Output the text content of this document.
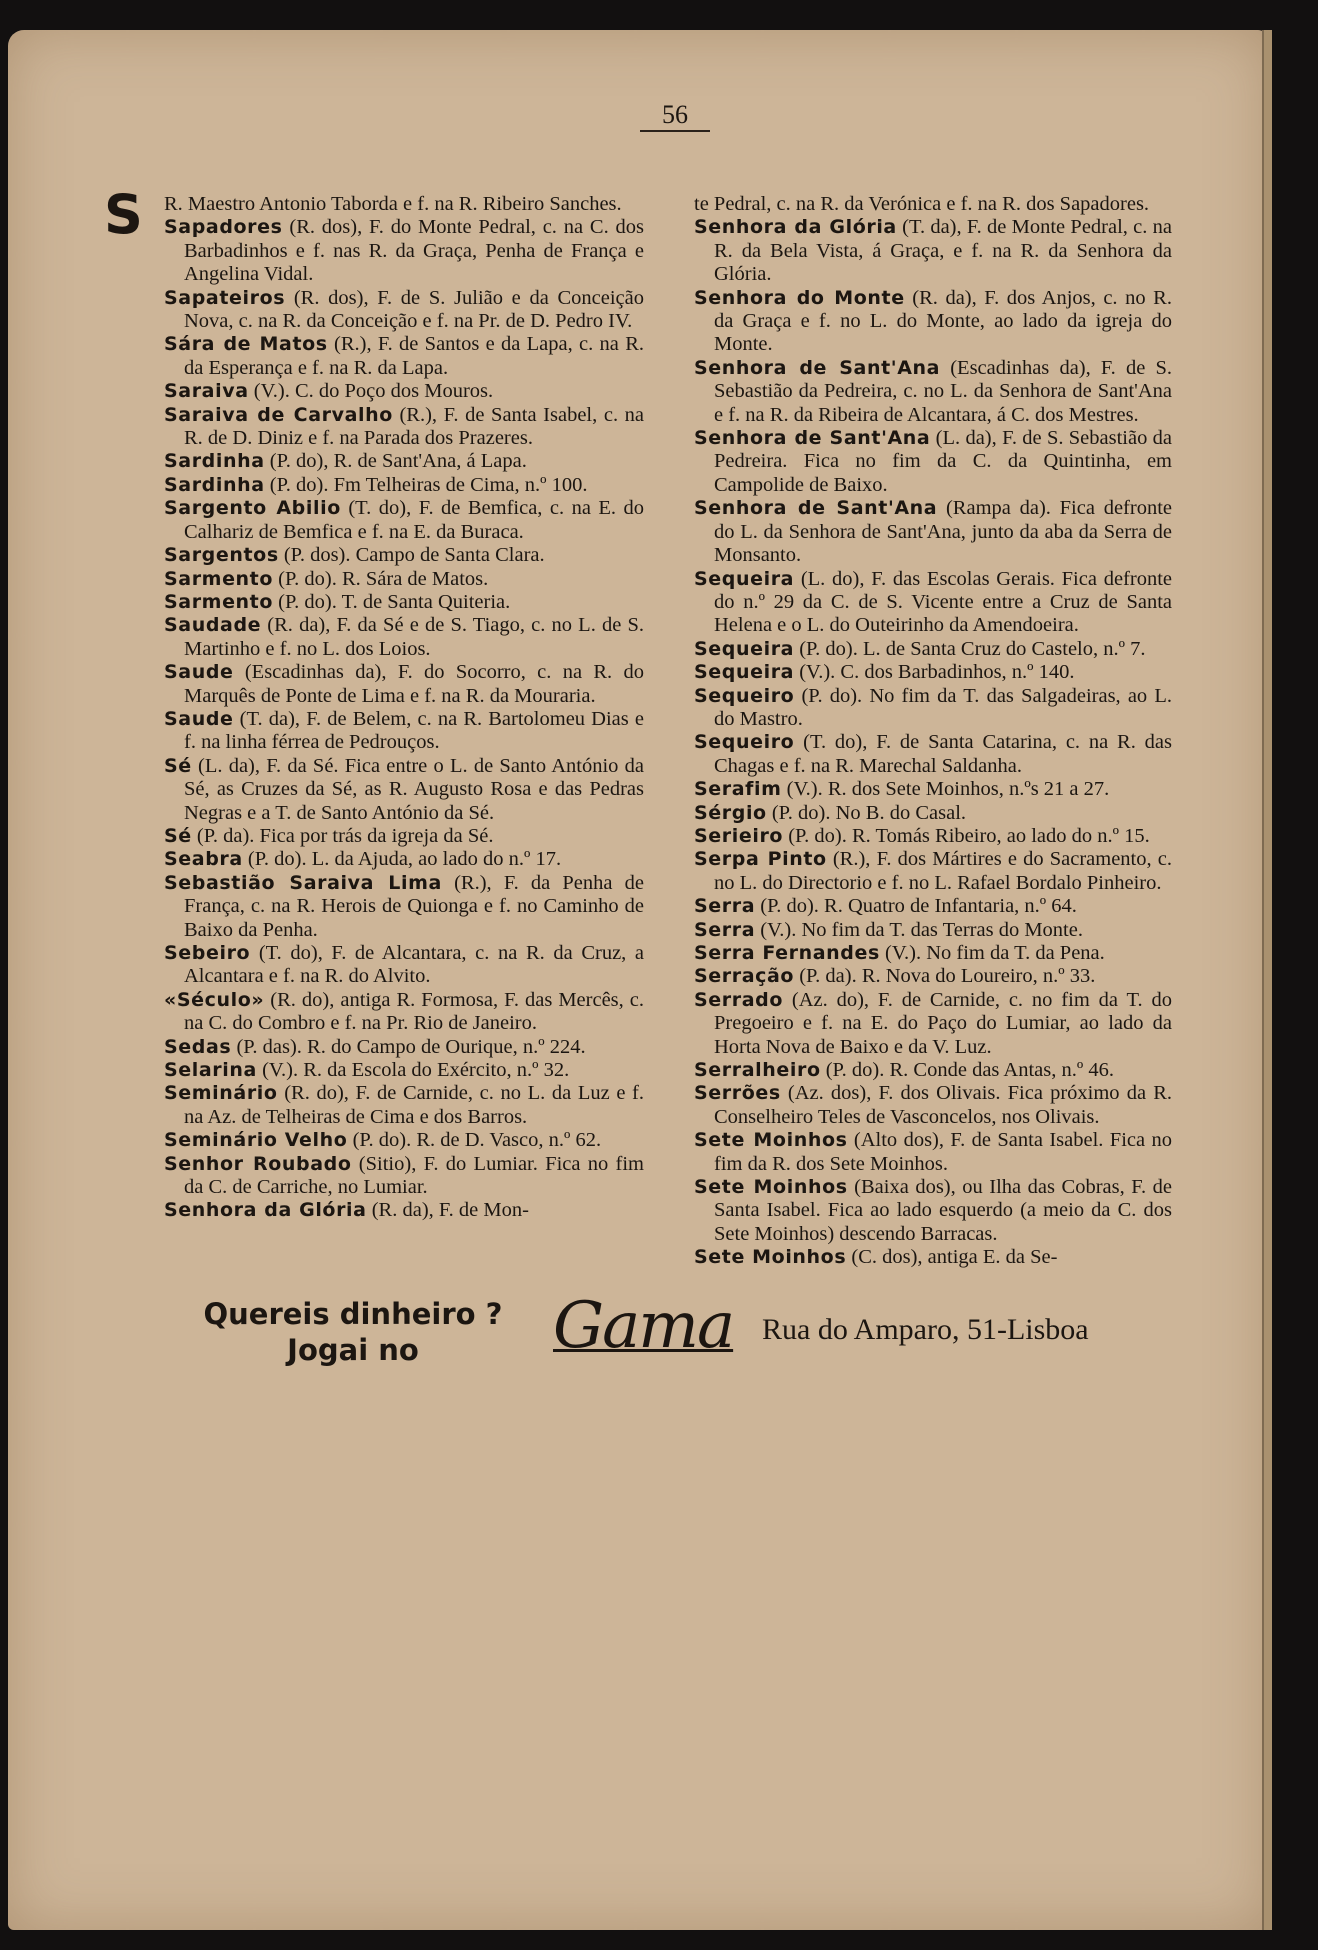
56
S R. Maestro Antonio Taborda e f. na R. Ribeiro Sanches.
Sapadores (R. dos), F. do Monte Pedral, c. na C. dos Barbadinhos e f. nas R. da Graça, Penha de França e Angelina Vidal.
Sapateiros (R. dos), F. de S. Julião e da Conceição Nova, c. na R. da Conceição e f. na Pr. de D. Pedro IV.
Sára de Matos (R.), F. de Santos e da Lapa, c. na R. da Esperança e f. na R. da Lapa.
Saraiva (V.). C. do Poço dos Mouros.
Saraiva de Carvalho (R.), F. de Santa Isabel, c. na R. de D. Diniz e f. na Parada dos Prazeres.
Sardinha (P. do), R. de Sant'Ana, á Lapa.
Sardinha (P. do). Fm Telheiras de Cima, n.º 100.
Sargento Abilio (T. do), F. de Bemfica, c. na E. do Calhariz de Bemfica e f. na E. da Buraca.
Sargentos (P. dos). Campo de Santa Clara.
Sarmento (P. do). R. Sára de Matos.
Sarmento (P. do). T. de Santa Quiteria.
Saudade (R. da), F. da Sé e de S. Tiago, c. no L. de S. Martinho e f. no L. dos Loios.
Saude (Escadinhas da), F. do Socorro, c. na R. do Marquês de Ponte de Lima e f. na R. da Mouraria.
Saude (T. da), F. de Belem, c. na R. Bartolomeu Dias e f. na linha férrea de Pedrouços.
Sé (L. da), F. da Sé. Fica entre o L. de Santo António da Sé, as Cruzes da Sé, as R. Augusto Rosa e das Pedras Negras e a T. de Santo António da Sé.
Sé (P. da). Fica por trás da igreja da Sé.
Seabra (P. do). L. da Ajuda, ao lado do n.º 17.
Sebastião Saraiva Lima (R.), F. da Penha de França, c. na R. Herois de Quionga e f. no Caminho de Baixo da Penha.
Sebeiro (T. do), F. de Alcantara, c. na R. da Cruz, a Alcantara e f. na R. do Alvito.
«Século» (R. do), antiga R. Formosa, F. das Mercês, c. na C. do Combro e f. na Pr. Rio de Janeiro.
Sedas (P. das). R. do Campo de Ourique, n.º 224.
Selarina (V.). R. da Escola do Exército, n.º 32.
Seminário (R. do), F. de Carnide, c. no L. da Luz e f. na Az. de Telheiras de Cima e dos Barros.
Seminário Velho (P. do). R. de D. Vasco, n.º 62.
Senhor Roubado (Sitio), F. do Lumiar. Fica no fim da C. de Carriche, no Lumiar.
Senhora da Glória (R. da), F. de Mon-
te Pedral, c. na R. da Verónica e f. na R. dos Sapadores.
Senhora da Glória (T. da), F. de Monte Pedral, c. na R. da Bela Vista, á Graça, e f. na R. da Senhora da Glória.
Senhora do Monte (R. da), F. dos Anjos, c. no R. da Graça e f. no L. do Monte, ao lado da igreja do Monte.
Senhora de Sant'Ana (Escadinhas da), F. de S. Sebastião da Pedreira, c. no L. da Senhora de Sant'Ana e f. na R. da Ribeira de Alcantara, á C. dos Mestres.
Senhora de Sant'Ana (L. da), F. de S. Sebastião da Pedreira. Fica no fim da C. da Quintinha, em Campolide de Baixo.
Senhora de Sant'Ana (Rampa da). Fica defronte do L. da Senhora de Sant'Ana, junto da aba da Serra de Monsanto.
Sequeira (L. do), F. das Escolas Gerais. Fica defronte do n.º 29 da C. de S. Vicente entre a Cruz de Santa Helena e o L. do Outeirinho da Amendoeira.
Sequeira (P. do). L. de Santa Cruz do Castelo, n.º 7.
Sequeira (V.). C. dos Barbadinhos, n.º 140.
Sequeiro (P. do). No fim da T. das Salgadeiras, ao L. do Mastro.
Sequeiro (T. do), F. de Santa Catarina, c. na R. das Chagas e f. na R. Marechal Saldanha.
Serafim (V.). R. dos Sete Moinhos, n.ºs 21 a 27.
Sérgio (P. do). No B. do Casal.
Serieiro (P. do). R. Tomás Ribeiro, ao lado do n.º 15.
Serpa Pinto (R.), F. dos Mártires e do Sacramento, c. no L. do Directorio e f. no L. Rafael Bordalo Pinheiro.
Serra (P. do). R. Quatro de Infantaria, n.º 64.
Serra (V.). No fim da T. das Terras do Monte.
Serra Fernandes (V.). No fim da T. da Pena.
Serração (P. da). R. Nova do Loureiro, n.º 33.
Serrado (Az. do), F. de Carnide, c. no fim da T. do Pregoeiro e f. na E. do Paço do Lumiar, ao lado da Horta Nova de Baixo e da V. Luz.
Serralheiro (P. do). R. Conde das Antas, n.º 46.
Serrões (Az. dos), F. dos Olivais. Fica próximo da R. Conselheiro Teles de Vasconcelos, nos Olivais.
Sete Moinhos (Alto dos), F. de Santa Isabel. Fica no fim da R. dos Sete Moinhos.
Sete Moinhos (Baixa dos), ou Ilha das Cobras, F. de Santa Isabel. Fica ao lado esquerdo (a meio da C. dos Sete Moinhos) descendo Barracas.
Sete Moinhos (C. dos), antiga E. da Se-
Quereis dinheiro ?
Jogai no	Gama Rua do Amparo, 51-Lisboa
